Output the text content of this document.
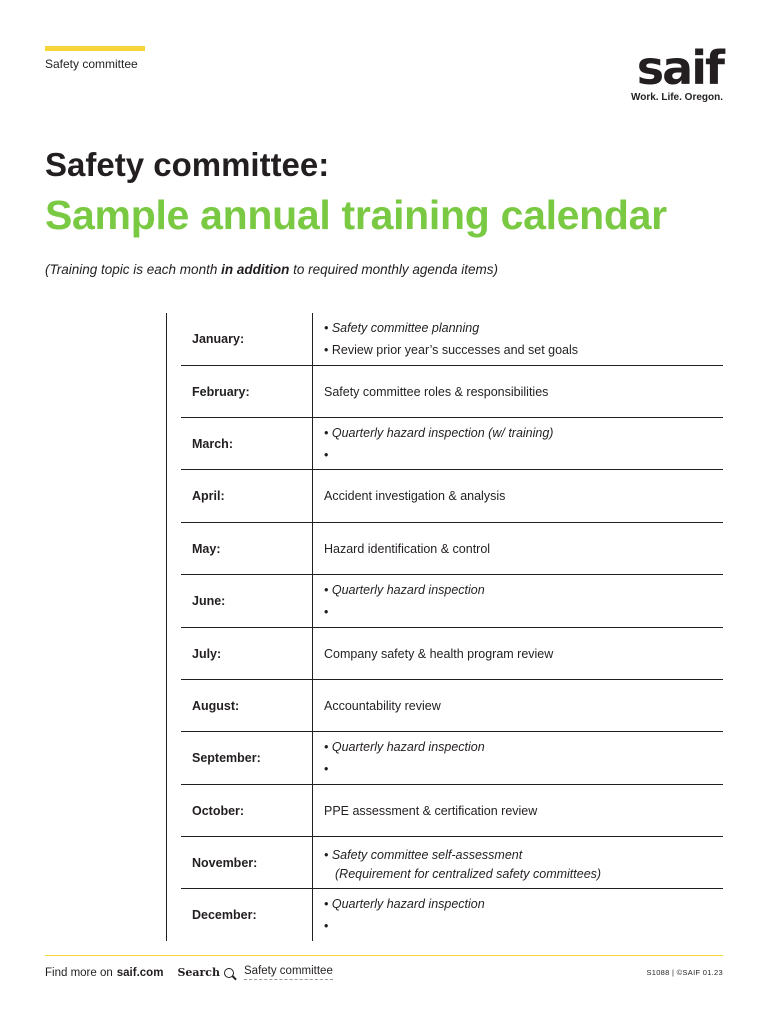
Safety committee	saif
Work. Life. Oregon.
Safety committee:
Sample annual training calendar

(Training topic is each month in addition to required monthly agenda items)

January:
• Safety committee planning
• Review prior year’s successes and set goals
February:	Safety committee roles & responsibilities
March:
• Quarterly hazard inspection (w/ training)
•
April:	Accident investigation & analysis
May:	Hazard identification & control
June:
• Quarterly hazard inspection
•
July:	Company safety & health program review
August:	Accountability review
September:
• Quarterly hazard inspection
•
October:	PPE assessment & certification review
November:
• Safety committee self-assessment
(Requirement for centralized safety committees)
December:
• Quarterly hazard inspection
•
Find more on saif.com Search Safety committee	S1088 | ©SAIF 01.23
